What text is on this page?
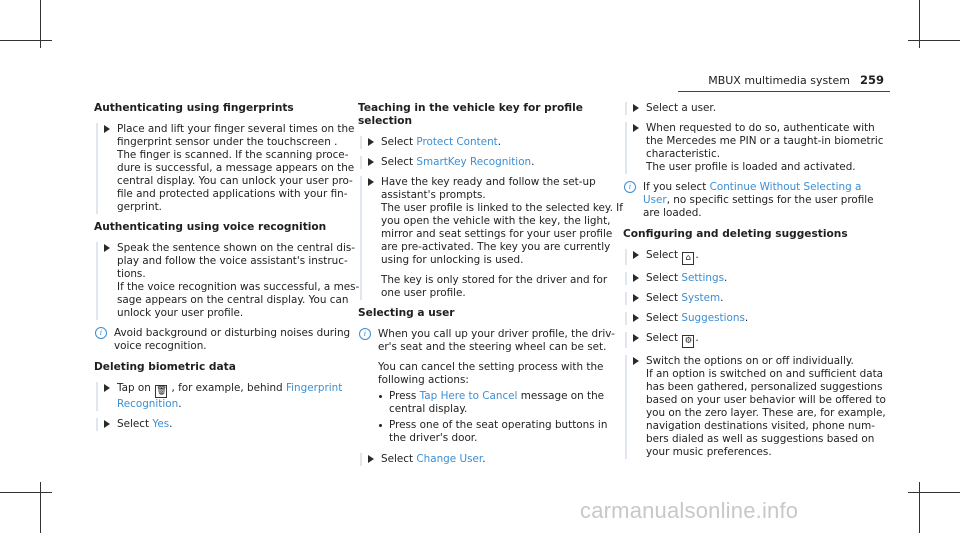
MBUX multimedia system 259
Authenticating using fingerprints

Place and lift your finger several times on the
fingerprint sensor under the touchscreen .
The finger is scanned. If the scanning proce-
dure is successful, a message appears on the
central display. You can unlock your user pro-
file and protected applications with your fin-
gerprint.

Authenticating using voice recognition

Speak the sentence shown on the central dis-
play and follow the voice assistant's instruc-
tions.
If the voice recognition was successful, a mes-
sage appears on the central display. You can
unlock your user profile.

i	Avoid background or disturbing noises during
voice recognition.

Deleting biometric data

Tap on 🗑︎ , for example, behind Fingerprint
Recognition.

Select Yes.

Teaching in the vehicle key for profile selection

Select Protect Content.

Select SmartKey Recognition.

Have the key ready and follow the set-up
assistant's prompts.
The user profile is linked to the selected key. If
you open the vehicle with the key, the light,
mirror and seat settings for your user profile
are pre-activated. The key you are currently
using for unlocking is used.

The key is only stored for the driver and for
one user profile.

Selecting a user
i	When you call up your driver profile, the driv-
er's seat and the steering wheel can be set.

You can cancel the setting process with the
following actions:

Press Tap Here to Cancel message on the
central display.
Press one of the seat operating buttons in
the driver's door.

Select Change User.

Select a user.

When requested to do so, authenticate with
the Mercedes me PIN or a taught-in biometric
characteristic.
The user profile is loaded and activated.

i	If you select Continue Without Selecting a
User, no specific settings for the user profile
are loaded.

Configuring and deleting suggestions

Select ⌂ .

Select Settings.

Select System.

Select Suggestions.

Select ⚙ .

Switch the options on or off individually.
If an option is switched on and sufficient data
has been gathered, personalized suggestions
based on your user behavior will be offered to
you on the zero layer. These are, for example,
navigation destinations visited, phone num-
bers dialed as well as suggestions based on
your music preferences.

carmanualsonline.info
